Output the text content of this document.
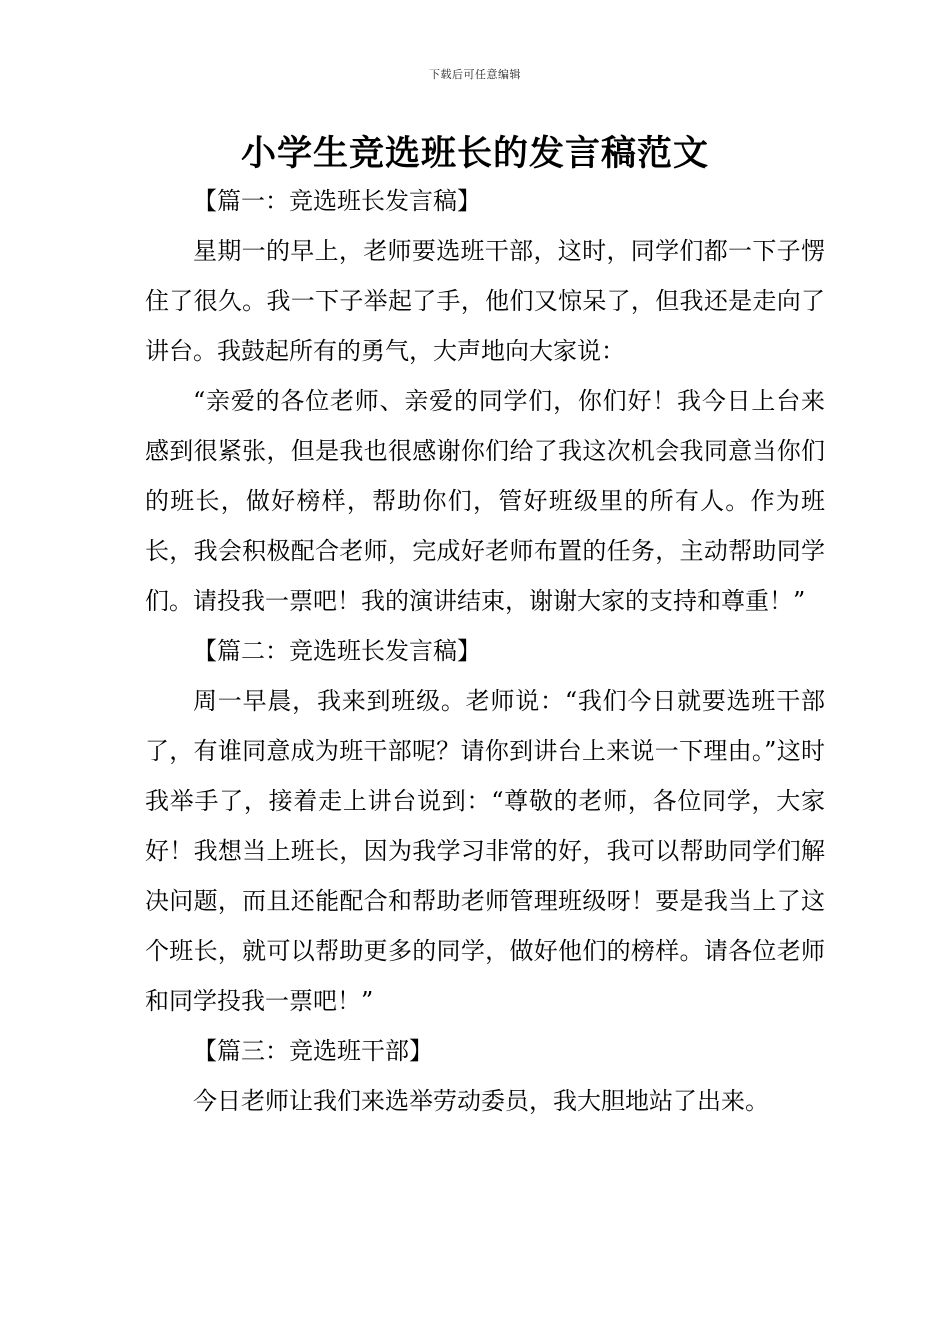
下载后可任意编辑
小学生竞选班长的发言稿范文

【篇一：竞选班长发言稿】

星期一的早上，老师要选班干部，这时，同学们都一下子愣住了很久。我一下子举起了手，他们又惊呆了，但我还是走向了讲台。我鼓起所有的勇气，大声地向大家说：

“亲爱的各位老师、亲爱的同学们，你们好！我今日上台来感到很紧张，但是我也很感谢你们给了我这次机会我同意当你们的班长，做好榜样，帮助你们，管好班级里的所有人。作为班长，我会积极配合老师，完成好老师布置的任务，主动帮助同学们。请投我一票吧！我的演讲结束，谢谢大家的支持和尊重！”

【篇二：竞选班长发言稿】

周一早晨，我来到班级。老师说：“我们今日就要选班干部了，有谁同意成为班干部呢？请你到讲台上来说一下理由。”这时我举手了，接着走上讲台说到：“尊敬的老师，各位同学，大家好！我想当上班长，因为我学习非常的好，我可以帮助同学们解决问题，而且还能配合和帮助老师管理班级呀！要是我当上了这个班长，就可以帮助更多的同学，做好他们的榜样。请各位老师和同学投我一票吧！”

【篇三：竞选班干部】

今日老师让我们来选举劳动委员，我大胆地站了出来。
